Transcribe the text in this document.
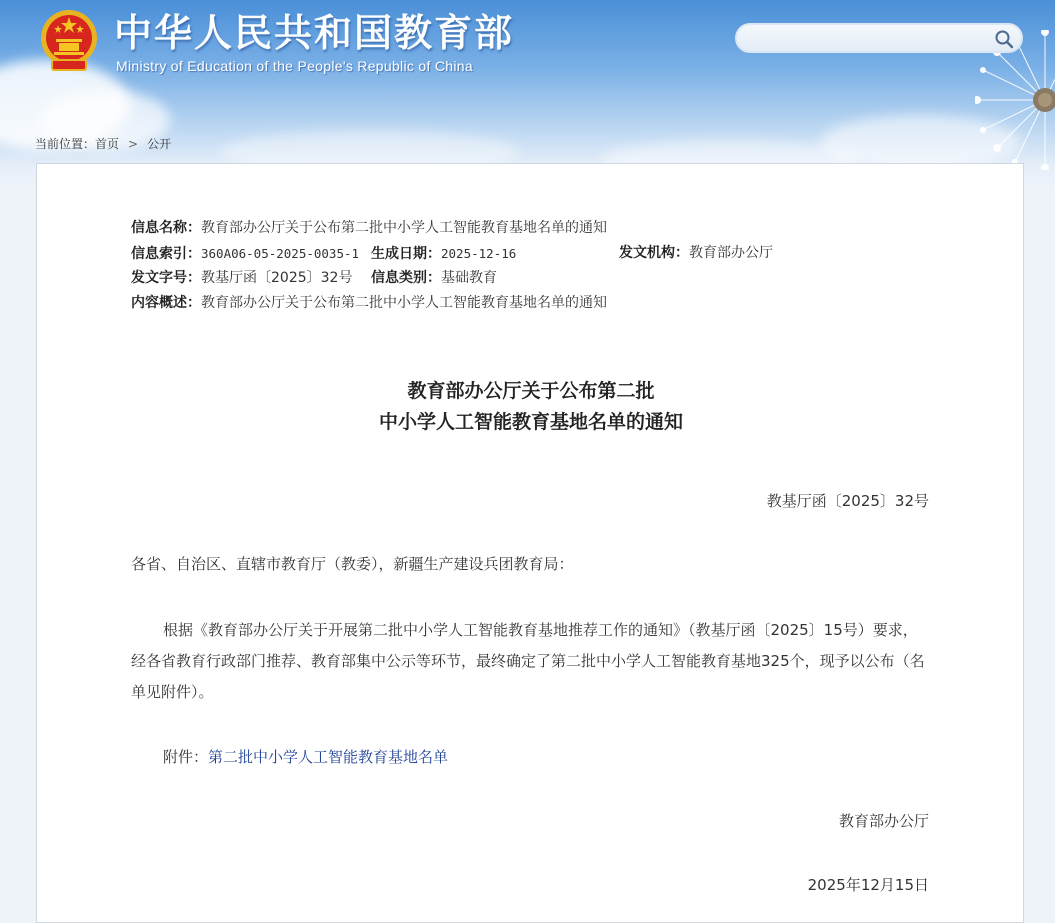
中华人民共和国教育部

Ministry of Education of the People's Republic of China

当前位置： 首页 > 公开
信息名称：教育部办公厅关于公布第二批中小学人工智能教育基地名单的通知
信息索引：360A06-05-2025-0035-1 生成日期：2025-12-16	发文机构：教育部办公厅
发文字号：教基厅函〔2025〕32号 信息类别：基础教育
内容概述：教育部办公厅关于公布第二批中小学人工智能教育基地名单的通知
教育部办公厅关于公布第二批
中小学人工智能教育基地名单的通知
教基厅函〔2025〕32号
各省、自治区、直辖市教育厅（教委），新疆生产建设兵团教育局：

根据《教育部办公厅关于开展第二批中小学人工智能教育基地推荐工作的通知》（教基厅函〔2025〕15号）要求，经各省教育行政部门推荐、教育部集中公示等环节，最终确定了第二批中小学人工智能教育基地325个，现予以公布（名单见附件）。

附件：第二批中小学人工智能教育基地名单
教育部办公厅
2025年12月15日
